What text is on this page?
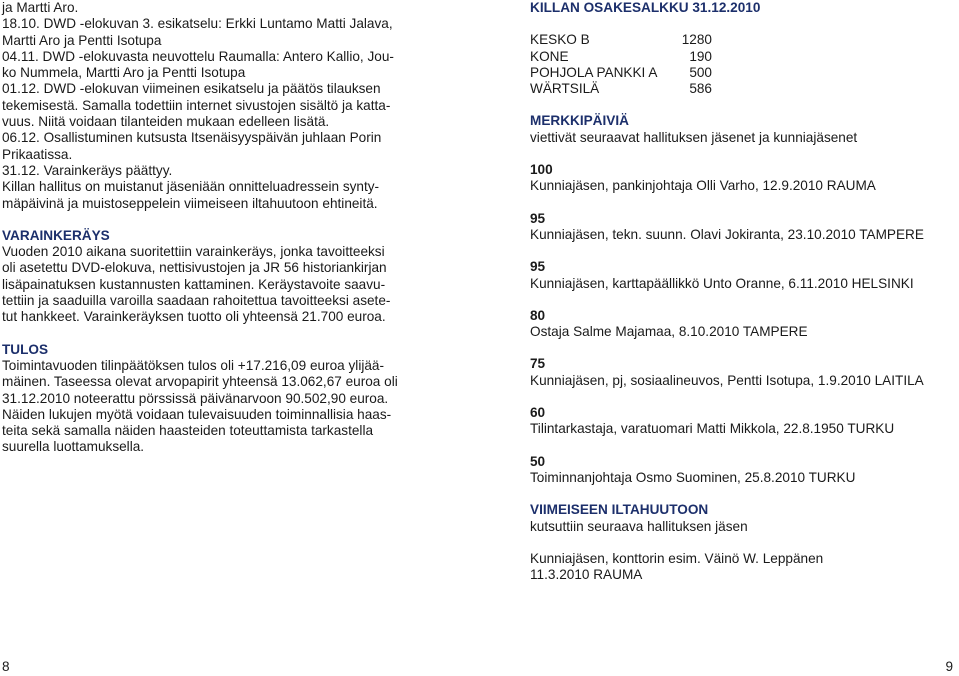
ja Martti Aro.

18.10. DWD -elokuvan 3. esikatselu: Erkki Luntamo Matti Jalava,

Martti Aro ja Pentti Isotupa

04.11. DWD -elokuvasta neuvottelu Raumalla: Antero Kallio, Jou-

ko Nummela, Martti Aro ja Pentti Isotupa

01.12. DWD -elokuvan viimeinen esikatselu ja päätös tilauksen

tekemisestä. Samalla todettiin internet sivustojen sisältö ja katta-

vuus. Niitä voidaan tilanteiden mukaan edelleen lisätä.

06.12. Osallistuminen kutsusta Itsenäisyyspäivän juhlaan Porin

Prikaatissa.

31.12. Varainkeräys päättyy.

Killan hallitus on muistanut jäseniään onnitteluadressein synty-

mäpäivinä ja muistoseppelein viimeiseen iltahuutoon ehtineitä.

VARAINKERÄYS

Vuoden 2010 aikana suoritettiin varainkeräys, jonka tavoitteeksi

oli asetettu DVD-elokuva, nettisivustojen ja JR 56 historiankirjan

lisäpainatuksen kustannusten kattaminen. Keräystavoite saavu-

tettiin ja saaduilla varoilla saadaan rahoitettua tavoitteeksi asete-

tut hankkeet. Varainkeräyksen tuotto oli yhteensä 21.700 euroa.

TULOS

Toimintavuoden tilinpäätöksen tulos oli +17.216,09 euroa ylijää-

mäinen. Taseessa olevat arvopapirit yhteensä 13.062,67 euroa oli

31.12.2010 noteerattu pörssissä päivänarvoon 90.502,90 euroa.

Näiden lukujen myötä voidaan tulevaisuuden toiminnallisia haas-

teita sekä samalla näiden haasteiden toteuttamista tarkastella

suurella luottamuksella.

8

KILLAN OSAKESALKKU 31.12.2010

KESKO B	1280
KONE	190
POHJOLA PANKKI A	500
WÄRTSILÄ	586

MERKKIPÄIVIÄ

viettivät seuraavat hallituksen jäsenet ja kunniajäsenet

100

Kunniajäsen, pankinjohtaja Olli Varho, 12.9.2010 RAUMA

95

Kunniajäsen, tekn. suunn. Olavi Jokiranta, 23.10.2010 TAMPERE

95

Kunniajäsen, karttapäällikkö Unto Oranne, 6.11.2010 HELSINKI

80

Ostaja Salme Majamaa, 8.10.2010 TAMPERE

75

Kunniajäsen, pj, sosiaalineuvos, Pentti Isotupa, 1.9.2010 LAITILA

60

Tilintarkastaja, varatuomari Matti Mikkola, 22.8.1950 TURKU

50

Toiminnanjohtaja Osmo Suominen, 25.8.2010 TURKU

VIIMEISEEN ILTAHUUTOON

kutsuttiin seuraava hallituksen jäsen

Kunniajäsen, konttorin esim. Väinö W. Leppänen

11.3.2010 RAUMA

9
